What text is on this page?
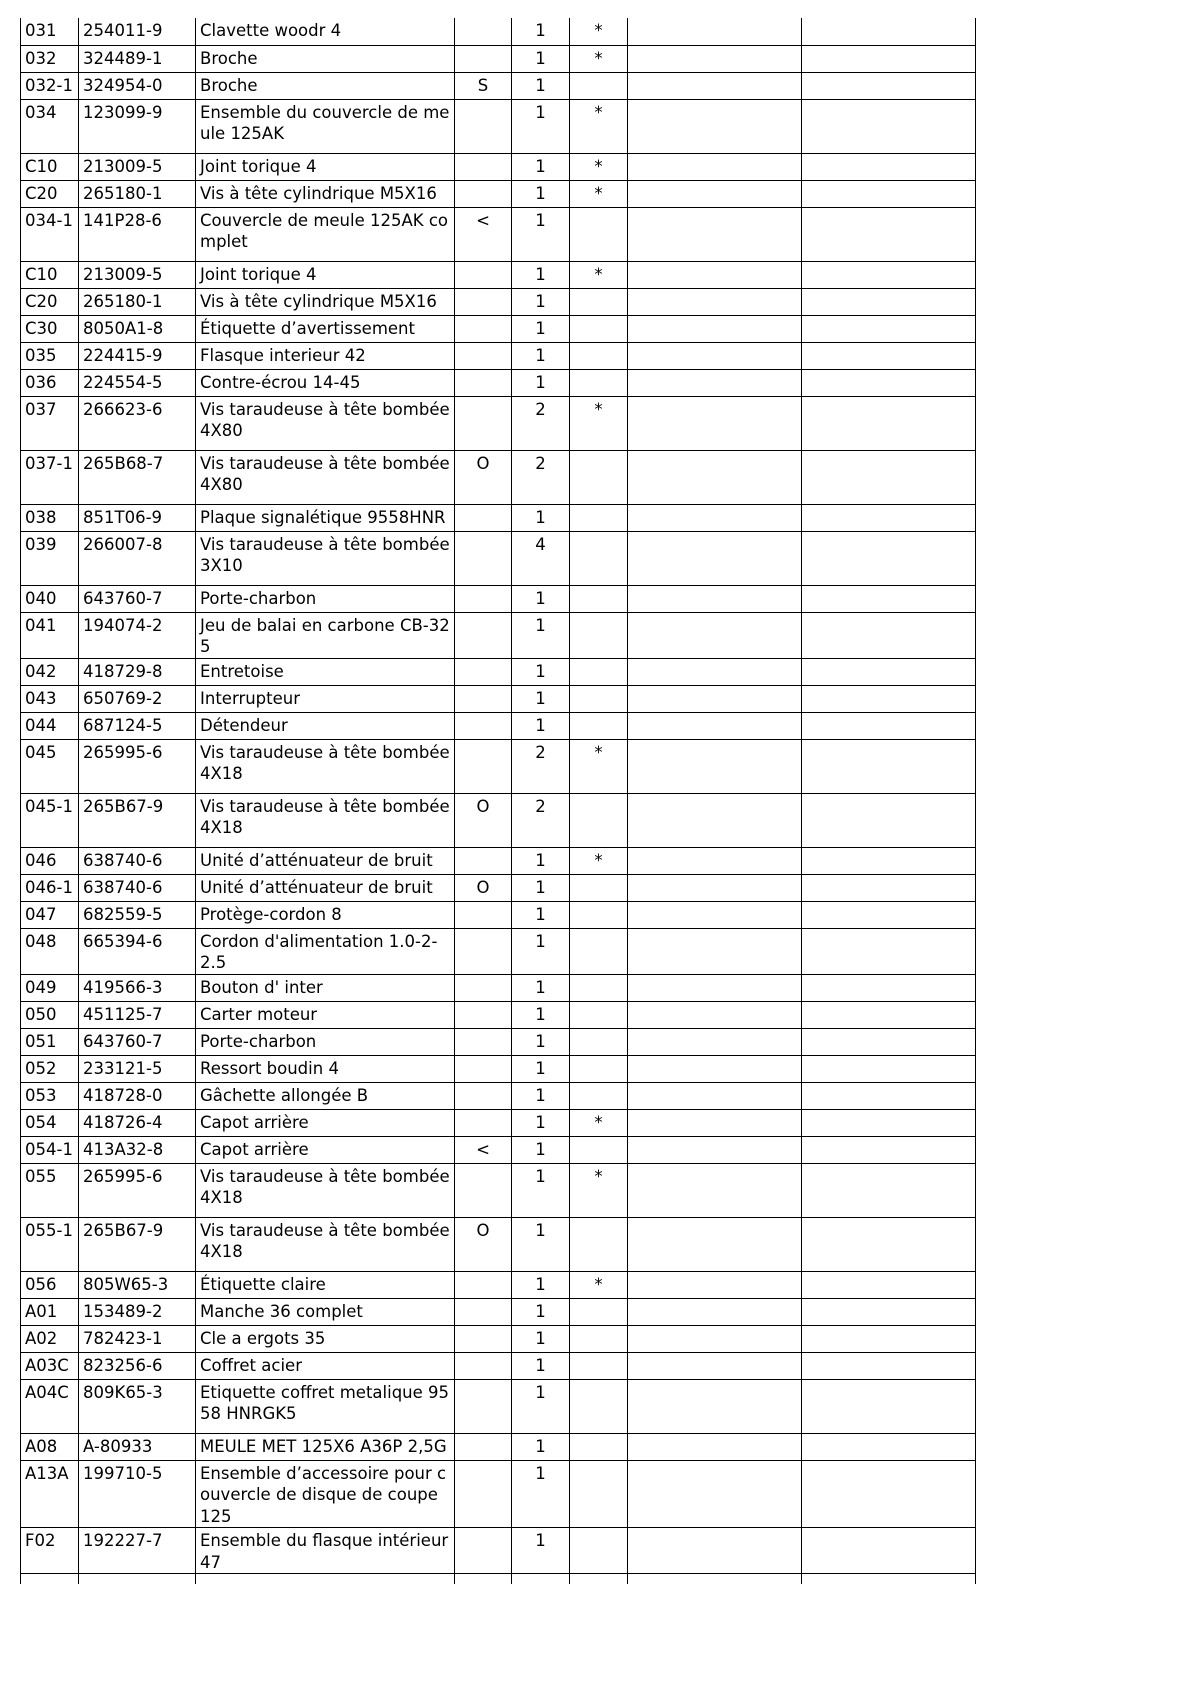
031	254011-9	Clavette woodr 4		1	*		
032	324489-1	Broche		1	*		
032-1	324954-0	Broche	S	1			
034	123099-9	Ensemble du couvercle de meule 125AK		1	*		
C10	213009-5	Joint torique 4		1	*		
C20	265180-1	Vis à tête cylindrique M5X16		1	*		
034-1	141P28-6	Couvercle de meule 125AK complet	<	1			
C10	213009-5	Joint torique 4		1	*		
C20	265180-1	Vis à tête cylindrique M5X16		1			
C30	8050A1-8	Étiquette d’avertissement		1			
035	224415-9	Flasque interieur 42		1			
036	224554-5	Contre-écrou 14-45		1			
037	266623-6	Vis taraudeuse à tête bombée 4X80		2	*		
037-1	265B68-7	Vis taraudeuse à tête bombée 4X80	O	2			
038	851T06-9	Plaque signalétique 9558HNR		1			
039	266007-8	Vis taraudeuse à tête bombée 3X10		4			
040	643760-7	Porte-charbon		1			
041	194074-2	Jeu de balai en carbone CB-325		1			
042	418729-8	Entretoise		1			
043	650769-2	Interrupteur		1			
044	687124-5	Détendeur		1			
045	265995-6	Vis taraudeuse à tête bombée 4X18		2	*		
045-1	265B67-9	Vis taraudeuse à tête bombée 4X18	O	2			
046	638740-6	Unité d’atténuateur de bruit		1	*		
046-1	638740-6	Unité d’atténuateur de bruit	O	1			
047	682559-5	Protège-cordon 8		1			
048	665394-6	Cordon d'alimentation 1.0-2-2.5		1			
049	419566-3	Bouton d' inter		1			
050	451125-7	Carter moteur		1			
051	643760-7	Porte-charbon		1			
052	233121-5	Ressort boudin 4		1			
053	418728-0	Gâchette allongée B		1			
054	418726-4	Capot arrière		1	*		
054-1	413A32-8	Capot arrière	<	1			
055	265995-6	Vis taraudeuse à tête bombée 4X18		1	*		
055-1	265B67-9	Vis taraudeuse à tête bombée 4X18	O	1			
056	805W65-3	Étiquette claire		1	*		
A01	153489-2	Manche 36 complet		1			
A02	782423-1	Cle a ergots 35		1			
A03C	823256-6	Coffret acier		1			
A04C	809K65-3	Etiquette coffret metalique 9558 HNRGK5		1			
A08	A-80933	MEULE MET 125X6 A36P 2,5G		1			
A13A	199710-5	Ensemble d’accessoire pour couvercle de disque de coupe 125		1			
F02	192227-7	Ensemble du flasque intérieur 47		1			
